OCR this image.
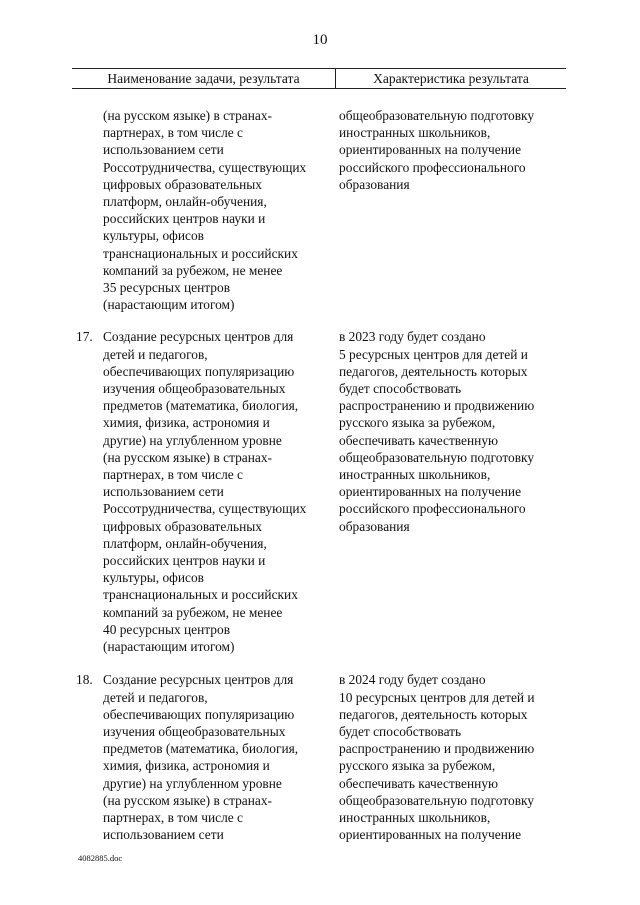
10
Наименование задачи, результата	Характеристика результата
(на русском языке) в странах-
партнерах, в том числе с
использованием сети
Россотрудничества, существующих
цифровых образовательных
платформ, онлайн-обучения,
российских центров науки и
культуры, офисов
транснациональных и российских
компаний за рубежом, не менее
35 ресурсных центров
(нарастающим итогом)
общеобразовательную подготовку
иностранных школьников,
ориентированных на получение
российского профессионального
образования
17. Создание ресурсных центров для
детей и педагогов,
обеспечивающих популяризацию
изучения общеобразовательных
предметов (математика, биология,
химия, физика, астрономия и
другие) на углубленном уровне
(на русском языке) в странах-
партнерах, в том числе с
использованием сети
Россотрудничества, существующих
цифровых образовательных
платформ, онлайн-обучения,
российских центров науки и
культуры, офисов
транснациональных и российских
компаний за рубежом, не менее
40 ресурсных центров
(нарастающим итогом)
в 2023 году будет создано
5 ресурсных центров для детей и
педагогов, деятельность которых
будет способствовать
распространению и продвижению
русского языка за рубежом,
обеспечивать качественную
общеобразовательную подготовку
иностранных школьников,
ориентированных на получение
российского профессионального
образования
18. Создание ресурсных центров для
детей и педагогов,
обеспечивающих популяризацию
изучения общеобразовательных
предметов (математика, биология,
химия, физика, астрономия и
другие) на углубленном уровне
(на русском языке) в странах-
партнерах, в том числе с
использованием сети
в 2024 году будет создано
10 ресурсных центров для детей и
педагогов, деятельность которых
будет способствовать
распространению и продвижению
русского языка за рубежом,
обеспечивать качественную
общеобразовательную подготовку
иностранных школьников,
ориентированных на получение
4082885.doc
